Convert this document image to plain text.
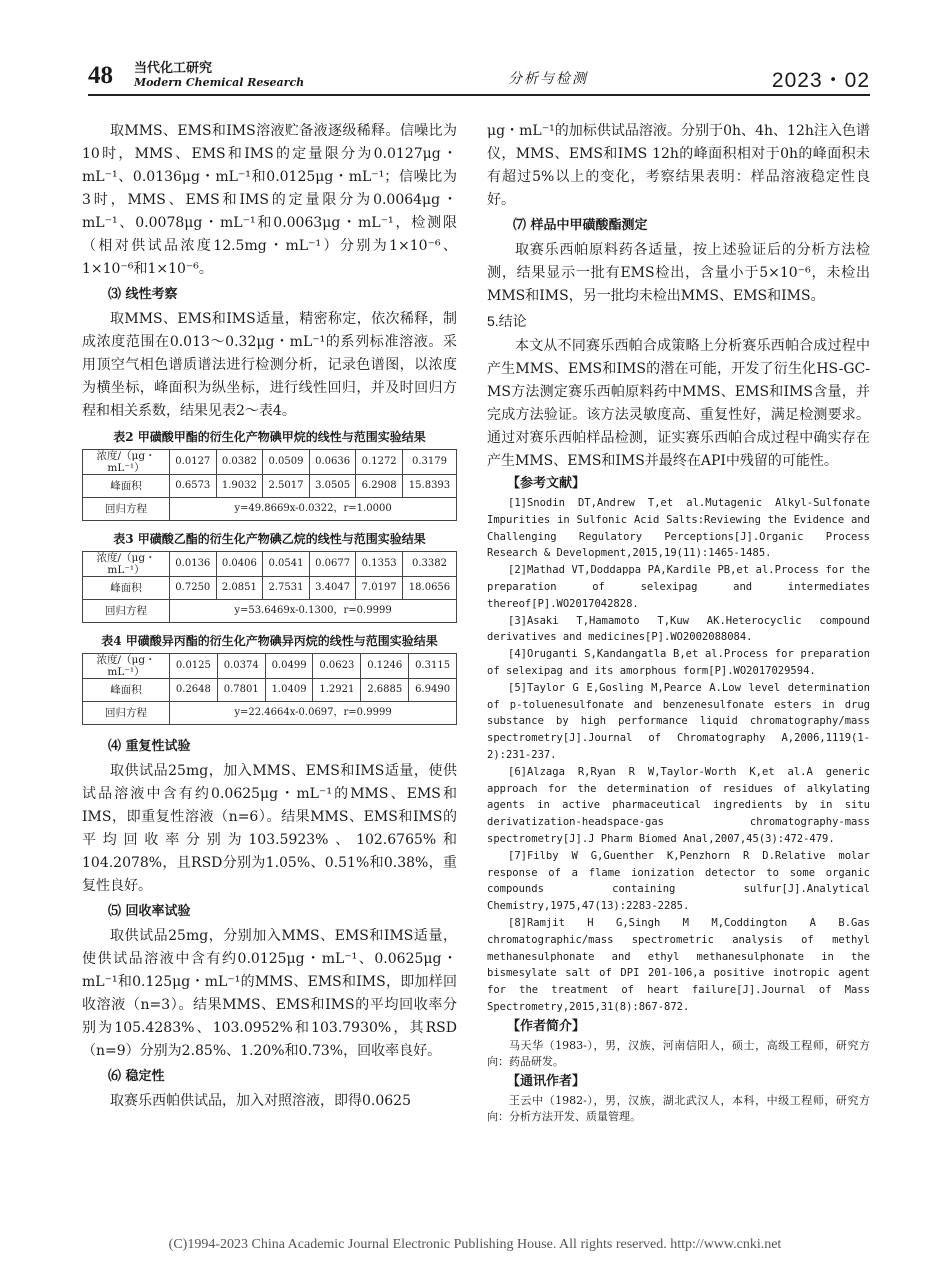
48 当代化工研究
Modern Chemical Research	分析与检测	2023・02

取MMS、EMS和IMS溶液贮备液逐级稀释。信噪比为10时，MMS、EMS和IMS的定量限分为0.0127μg・mL⁻¹、0.0136μg・mL⁻¹和0.0125μg・mL⁻¹；信噪比为3时，MMS、EMS和IMS的定量限分为0.0064μg・mL⁻¹、0.0078μg・mL⁻¹和0.0063μg・mL⁻¹，检测限（相对供试品浓度12.5mg・mL⁻¹）分别为1×10⁻⁶、1×10⁻⁶和1×10⁻⁶。

⑶ 线性考察

取MMS、EMS和IMS适量，精密称定，依次稀释，制成浓度范围在0.013～0.32μg・mL⁻¹的系列标准溶液。采用顶空气相色谱质谱法进行检测分析，记录色谱图，以浓度为横坐标，峰面积为纵坐标，进行线性回归，并及时回归方程和相关系数，结果见表2～表4。

表2 甲磺酸甲酯的衍生化产物碘甲烷的线性与范围实验结果

浓度/（μg・mL⁻¹）	0.0127	0.0382	0.0509	0.0636	0.1272	0.3179
峰面积	0.6573	1.9032	2.5017	3.0505	6.2908	15.8393
回归方程	y=49.8669x-0.0322，r=1.0000					

表3 甲磺酸乙酯的衍生化产物碘乙烷的线性与范围实验结果

浓度/（μg・mL⁻¹）	0.0136	0.0406	0.0541	0.0677	0.1353	0.3382
峰面积	0.7250	2.0851	2.7531	3.4047	7.0197	18.0656
回归方程	y=53.6469x-0.1300，r=0.9999					

表4 甲磺酸异丙酯的衍生化产物碘异丙烷的线性与范围实验结果

浓度/（μg・mL⁻¹）	0.0125	0.0374	0.0499	0.0623	0.1246	0.3115
峰面积	0.2648	0.7801	1.0409	1.2921	2.6885	6.9490
回归方程	y=22.4664x-0.0697，r=0.9999					

⑷ 重复性试验

取供试品25mg，加入MMS、EMS和IMS适量，使供试品溶液中含有约0.0625μg・mL⁻¹的MMS、EMS和IMS，即重复性溶液（n=6）。结果MMS、EMS和IMS的平均回收率分别为103.5923%、102.6765%和104.2078%，且RSD分别为1.05%、0.51%和0.38%，重复性良好。

⑸ 回收率试验

取供试品25mg，分别加入MMS、EMS和IMS适量，使供试品溶液中含有约0.0125μg・mL⁻¹、0.0625μg・mL⁻¹和0.125μg・mL⁻¹的MMS、EMS和IMS，即加样回收溶液（n=3）。结果MMS、EMS和IMS的平均回收率分别为105.4283%、103.0952%和103.7930%，其RSD（n=9）分别为2.85%、1.20%和0.73%，回收率良好。

⑹ 稳定性

取赛乐西帕供试品，加入对照溶液，即得0.0625

μg・mL⁻¹的加标供试品溶液。分别于0h、4h、12h注入色谱仪，MMS、EMS和IMS 12h的峰面积相对于0h的峰面积未有超过5%以上的变化，考察结果表明：样品溶液稳定性良好。

⑺ 样品中甲磺酸酯测定

取赛乐西帕原料药各适量，按上述验证后的分析方法检测，结果显示一批有EMS检出，含量小于5×10⁻⁶，未检出MMS和IMS，另一批均未检出MMS、EMS和IMS。

5.结论

本文从不同赛乐西帕合成策略上分析赛乐西帕合成过程中产生MMS、EMS和IMS的潜在可能，开发了衍生化HS-GC-MS方法测定赛乐西帕原料药中MMS、EMS和IMS含量，并完成方法验证。该方法灵敏度高、重复性好，满足检测要求。通过对赛乐西帕样品检测，证实赛乐西帕合成过程中确实存在产生MMS、EMS和IMS并最终在API中残留的可能性。

【参考文献】

[1]Snodin DT,Andrew T,et al.Mutagenic Alkyl-Sulfonate Impurities in Sulfonic Acid Salts:Reviewing the Evidence and Challenging Regulatory Perceptions[J].Organic Process Research & Development,2015,19(11):1465-1485.

[2]Mathad VT,Doddappa PA,Kardile PB,et al.Process for the preparation of selexipag and intermediates thereof[P].WO2017042828.

[3]Asaki T,Hamamoto T,Kuw AK.Heterocyclic compound derivatives and medicines[P].WO2002088084.

[4]Oruganti S,Kandangatla B,et al.Process for preparation of selexipag and its amorphous form[P].WO2017029594.

[5]Taylor G E,Gosling M,Pearce A.Low level determination of p-toluenesulfonate and benzenesulfonate esters in drug substance by high performance liquid chromatography/mass spectrometry[J].Journal of Chromatography A,2006,1119(1-2):231-237.

[6]Alzaga R,Ryan R W,Taylor-Worth K,et al.A generic approach for the determination of residues of alkylating agents in active pharmaceutical ingredients by in situ derivatization-headspace-gas chromatography-mass spectrometry[J].J Pharm Biomed Anal,2007,45(3):472-479.

[7]Filby W G,Guenther K,Penzhorn R D.Relative molar response of a flame ionization detector to some organic compounds containing sulfur[J].Analytical Chemistry,1975,47(13):2283-2285.

[8]Ramjit H G,Singh M M,Coddington A B.Gas chromatographic/mass spectrometric analysis of methyl methanesulphonate and ethyl methanesulphonate in the bismesylate salt of DPI 201-106,a positive inotropic agent for the treatment of heart failure[J].Journal of Mass Spectrometry,2015,31(8):867-872.

【作者简介】

马天华（1983-），男，汉族，河南信阳人，硕士，高级工程师，研究方向：药品研发。

【通讯作者】

王云中（1982-），男，汉族，湖北武汉人，本科，中级工程师，研究方向：分析方法开发、质量管理。

(C)1994-2023 China Academic Journal Electronic Publishing House. All rights reserved. http://www.cnki.net
